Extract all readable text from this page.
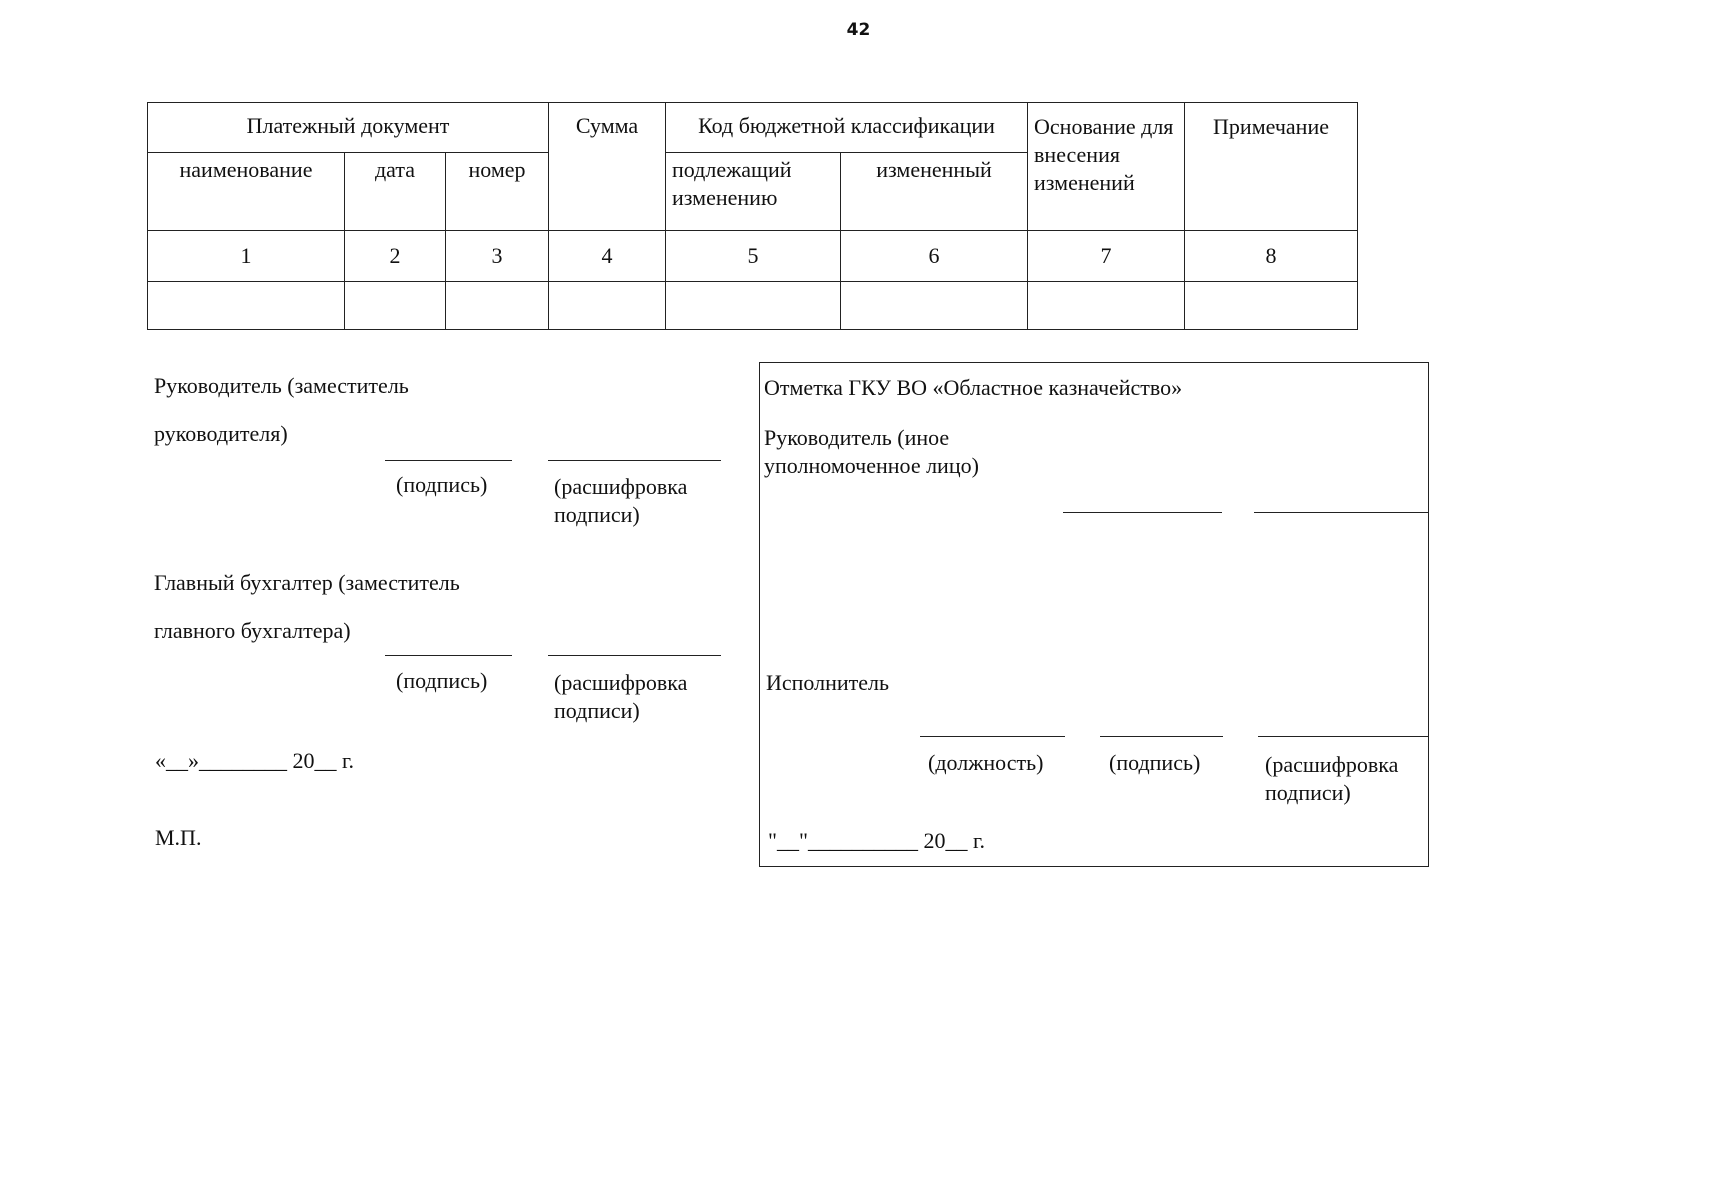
42
Платежный документ			Сумма	Код бюджетной классификации		Основание для внесения изменений	Примечание
наименование	дата	номер		подлежащий изменению	измененный		
1	2	3	4	5	6	7	8

Руководитель (заместитель
руководителя)
(подпись)	(расшифровка подписи)
Главный бухгалтер (заместитель
главного бухгалтера)
(подпись)	(расшифровка подписи)
«__»________ 20__ г.
М.П.
Отметка ГКУ ВО «Областное казначейство»
Руководитель (иное уполномоченное лицо)
Исполнитель
(должность)	(подпись)	(расшифровка подписи)
"__"__________ 20__ г.
